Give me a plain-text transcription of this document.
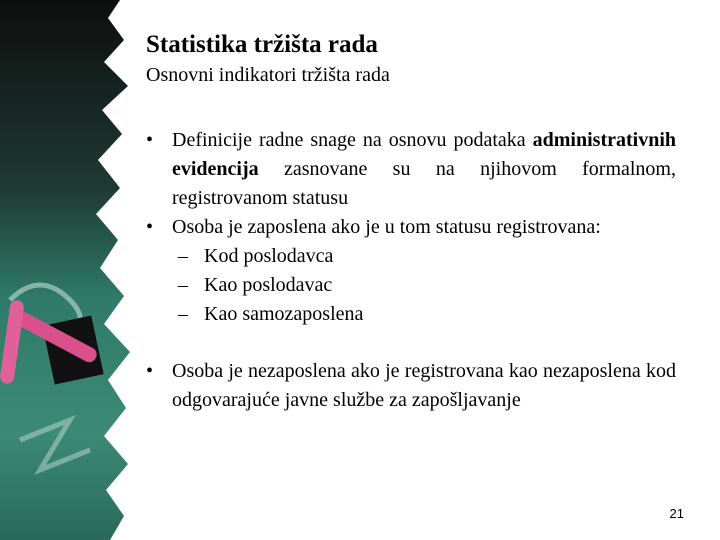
Statistika tržišta rada
Osnovni indikatori tržišta rada
• Definicije radne snage na osnovu podataka administrativnih evidencija zasnovane su na njihovom formalnom, registrovanom statusu
• Osoba je zaposlena ako je u tom statusu registrovana:
– Kod poslodavca
– Kao poslodavac
– Kao samozaposlena
• Osoba je nezaposlena ako je registrovana kao nezaposlena kod odgovarajuće javne službe za zapošljavanje
21
